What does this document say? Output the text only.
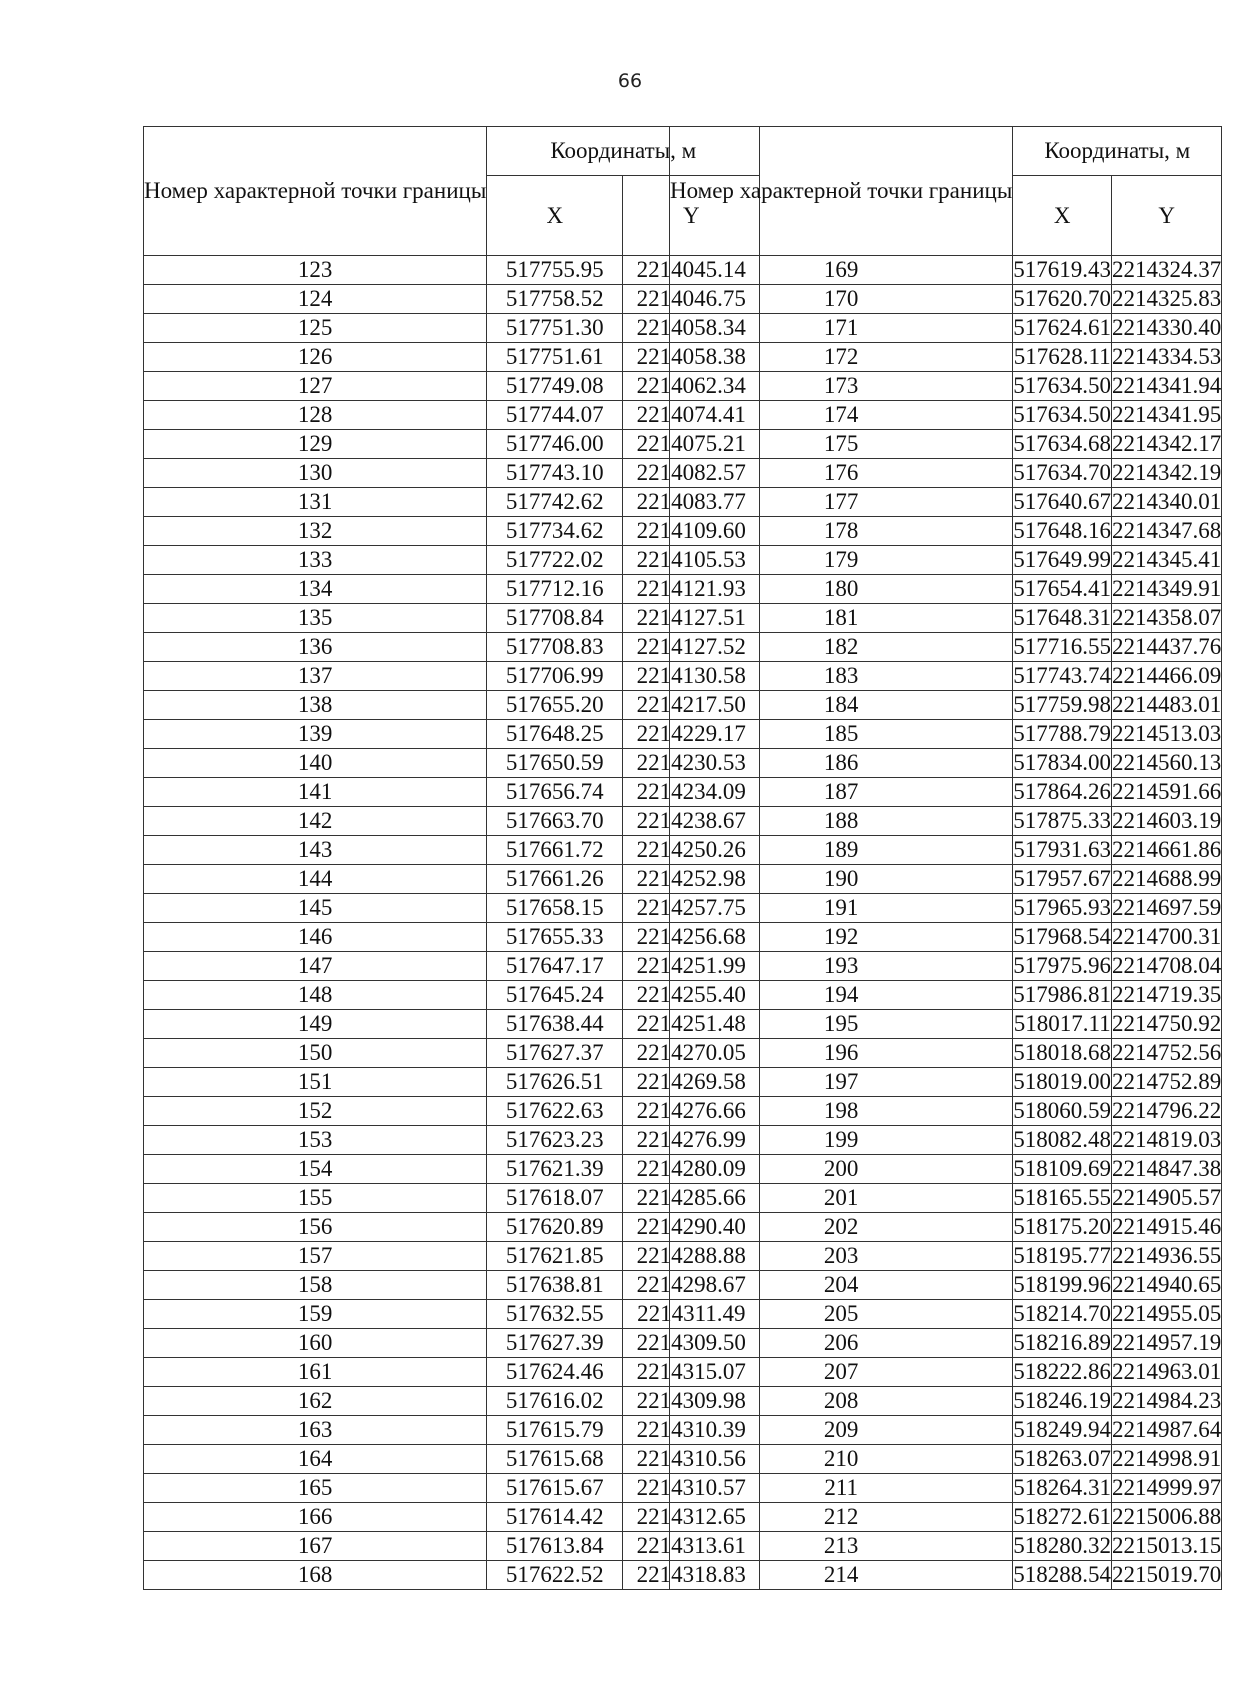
66
Номер характерной точки границы	Координаты, м	
	X	Y
123	517755.95	2214045.14
124	517758.52	2214046.75
125	517751.30	2214058.34
126	517751.61	2214058.38
127	517749.08	2214062.34
128	517744.07	2214074.41
129	517746.00	2214075.21
130	517743.10	2214082.57
131	517742.62	2214083.77
132	517734.62	2214109.60
133	517722.02	2214105.53
134	517712.16	2214121.93
135	517708.84	2214127.51
136	517708.83	2214127.52
137	517706.99	2214130.58
138	517655.20	2214217.50
139	517648.25	2214229.17
140	517650.59	2214230.53
141	517656.74	2214234.09
142	517663.70	2214238.67
143	517661.72	2214250.26
144	517661.26	2214252.98
145	517658.15	2214257.75
146	517655.33	2214256.68
147	517647.17	2214251.99
148	517645.24	2214255.40
149	517638.44	2214251.48
150	517627.37	2214270.05
151	517626.51	2214269.58
152	517622.63	2214276.66
153	517623.23	2214276.99
154	517621.39	2214280.09
155	517618.07	2214285.66
156	517620.89	2214290.40
157	517621.85	2214288.88
158	517638.81	2214298.67
159	517632.55	2214311.49
160	517627.39	2214309.50
161	517624.46	2214315.07
162	517616.02	2214309.98
163	517615.79	2214310.39
164	517615.68	2214310.56
165	517615.67	2214310.57
166	517614.42	2214312.65
167	517613.84	2214313.61
168	517622.52	2214318.83
Номер характерной точки границы	Координаты, м	
	X	Y
169	517619.43	2214324.37
170	517620.70	2214325.83
171	517624.61	2214330.40
172	517628.11	2214334.53
173	517634.50	2214341.94
174	517634.50	2214341.95
175	517634.68	2214342.17
176	517634.70	2214342.19
177	517640.67	2214340.01
178	517648.16	2214347.68
179	517649.99	2214345.41
180	517654.41	2214349.91
181	517648.31	2214358.07
182	517716.55	2214437.76
183	517743.74	2214466.09
184	517759.98	2214483.01
185	517788.79	2214513.03
186	517834.00	2214560.13
187	517864.26	2214591.66
188	517875.33	2214603.19
189	517931.63	2214661.86
190	517957.67	2214688.99
191	517965.93	2214697.59
192	517968.54	2214700.31
193	517975.96	2214708.04
194	517986.81	2214719.35
195	518017.11	2214750.92
196	518018.68	2214752.56
197	518019.00	2214752.89
198	518060.59	2214796.22
199	518082.48	2214819.03
200	518109.69	2214847.38
201	518165.55	2214905.57
202	518175.20	2214915.46
203	518195.77	2214936.55
204	518199.96	2214940.65
205	518214.70	2214955.05
206	518216.89	2214957.19
207	518222.86	2214963.01
208	518246.19	2214984.23
209	518249.94	2214987.64
210	518263.07	2214998.91
211	518264.31	2214999.97
212	518272.61	2215006.88
213	518280.32	2215013.15
214	518288.54	2215019.70
